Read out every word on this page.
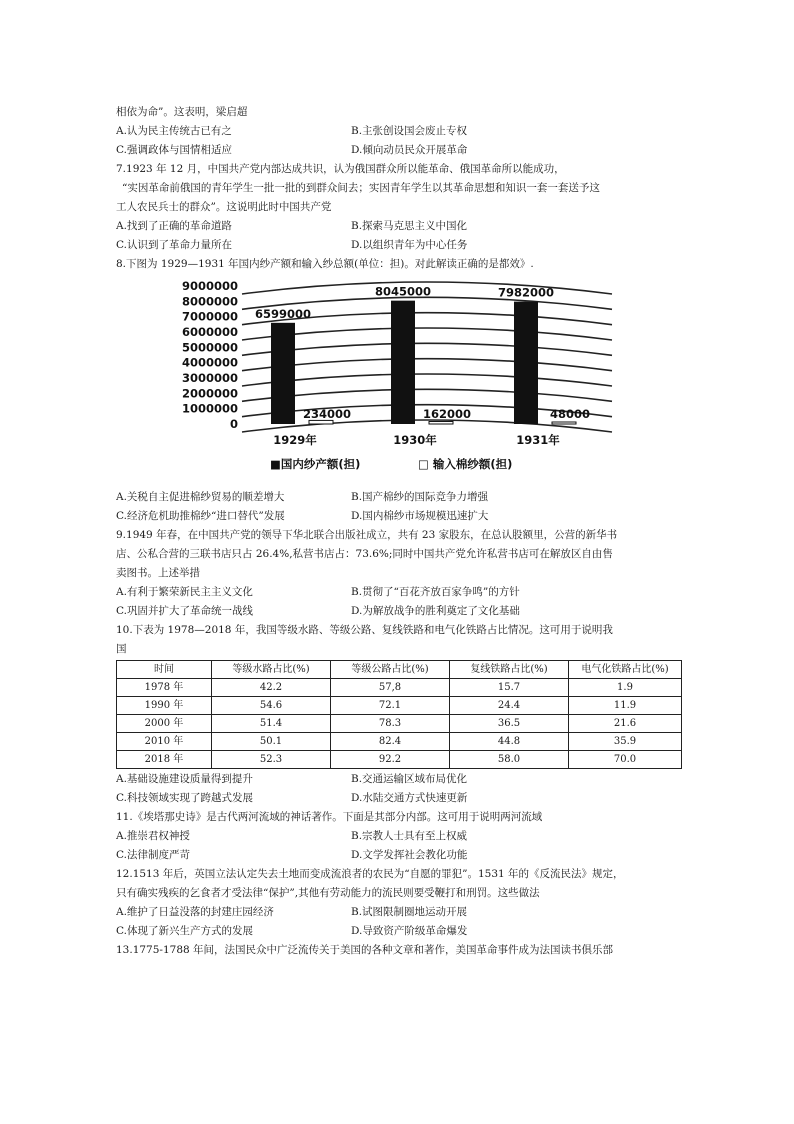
相依为命”。这表明，梁启超
A.认为民主传统古已有之	B.主张创设国会废止专权
C.强调政体与国情相适应	D.倾向动员民众开展革命
7.1923 年 12 月，中国共产党内部达成共识，认为俄国群众所以能革命、俄国革命所以能成功，
“实因革命前俄国的青年学生一批一批的到群众间去；实因青年学生以其革命思想和知识一套一套送予这
工人农民兵士的群众”。这说明此时中国共产党
A.找到了正确的革命道路	B.探索马克思主义中国化
C.认识到了革命力量所在	D.以组织青年为中心任务
8.下图为 1929—1931 年国内纱产额和输入纱总额(单位：担)。对此解读正确的是都效》.
9000000
8000000
7000000
6000000
5000000
4000000
3000000
2000000
1000000
0
6599000
234000
1929年
8045000
162000
1930年
7982000
48000
1931年
■国内纱产额(担)	□ 输入棉纱额(担)
A.关税自主促进棉纱贸易的顺差增大	B.国产棉纱的国际竞争力增强
C.经济危机助推棉纱“进口替代”发展	D.国内棉纱市场规模迅速扩大
9.1949 年春，在中国共产党的领导下华北联合出版社成立，共有 23 家股东，在总认股额里，公营的新华书
店、公私合营的三联书店只占 26.4%,私营书店占：73.6%;同时中国共产党允许私营书店可在解放区自由售
卖图书。上述举措
A.有利于繁荣新民主主义文化	B.贯彻了“百花齐放百家争鸣”的方针
C.巩固并扩大了革命统一战线	D.为解放战争的胜利奠定了文化基础
10.下表为 1978—2018 年，我国等级水路、等级公路、复线铁路和电气化铁路占比情况。这可用于说明我
国
时间	等级水路占比(%)	等级公路占比(%)	复线铁路占比(%)	电气化铁路占比(%)
1978 年	42.2	57,8	15.7	1.9
1990 年	54.6	72.1	24.4	11.9
2000 年	51.4	78.3	36.5	21.6
2010 年	50.1	82.4	44.8	35.9
2018 年	52.3	92.2	58.0	70.0
A.基础设施建设质量得到提升	B.交通运输区域布局优化
C.科技领域实现了跨越式发展	D.水陆交通方式快速更新
11.《埃塔那史诗》是古代两河流域的神话著作。下面是其部分内部。这可用于说明两河流域
A.推崇君权神授	B.宗教人士具有至上权威
C.法律制度严苛	D.文学发挥社会教化功能
12.1513 年后，英国立法认定失去土地而变成流浪者的农民为“自愿的罪犯”。1531 年的《反流民法》规定，
只有确实残疾的乞食者才受法律“保护”,其他有劳动能力的流民则要受鞭打和刑罚。这些做法
A.维护了日益没落的封建庄园经济	B.试图限制圈地运动开展
C.体现了新兴生产方式的发展	D.导致资产阶级革命爆发
13.1775-1788 年间，法国民众中广泛流传关于美国的各种文章和著作，美国革命事件成为法国读书俱乐部
